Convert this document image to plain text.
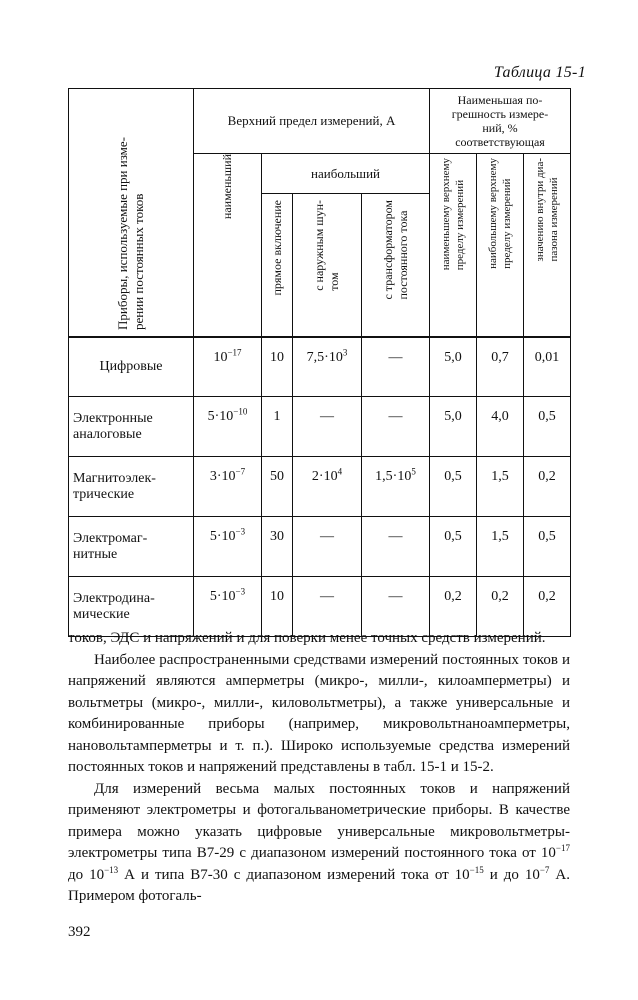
Таблица 15-1
Приборы, используемые при изме-
рении постоянных токов	Верхний предел измерений, А				Наименьшая по-
грешность измере-
ний, %
соответствующая		

	наименьший	наибольший			наименьшему верхнему
пределу измерений	наибольшему верхнему
пределу измерений	значению внутри диа-
пазона измерений

		прямое включение	с наружным шун-
том	с трансформатором
постоянного тока			

Цифровые	$10^{-17}$	10	$7,5\cdot 10^3$	—	5,0	0,7	0,01
Электронные
аналоговые	$5\cdot 10^{-10}$	1	—	—	5,0	4,0	0,5
Магнитоэлек-
трические	$3\cdot 10^{-7}$	50	$2\cdot 10^4$	$1,5\cdot 10^5$	0,5	1,5	0,2
Электромаг-
нитные	$5\cdot 10^{-3}$	30	—	—	0,5	1,5	0,5
Электродина-
мические	$5\cdot 10^{-3}$	10	—	—	0,2	0,2	0,2

токов, ЭДС и напряжений и для поверки менее точных средств измерений.

Наиболее распространенными средствами измерений постоянных токов и напряжений являются амперметры (микро-, милли-, килоамперметры) и вольтметры (микро-, милли-, киловольтметры), а также универсальные и комбинированные приборы (например, микровольтнаноамперметры, нановольтамперметры и т. п.). Широко используемые средства измерений постоянных токов и напряжений представлены в табл. 15-1 и 15-2.

Для измерений весьма малых постоянных токов и напряжений применяют электрометры и фотогальванометрические приборы. В качестве примера можно указать цифровые универсальные микровольтметры-электрометры типа В7-29 с диапазоном измерений постоянного тока от $10^{-17}$ до $10^{-13}$ А и типа В7-30 с диапазоном измерений тока от $10^{-15}$ и до $10^{-7}$ А. Примером фотогаль-

392
